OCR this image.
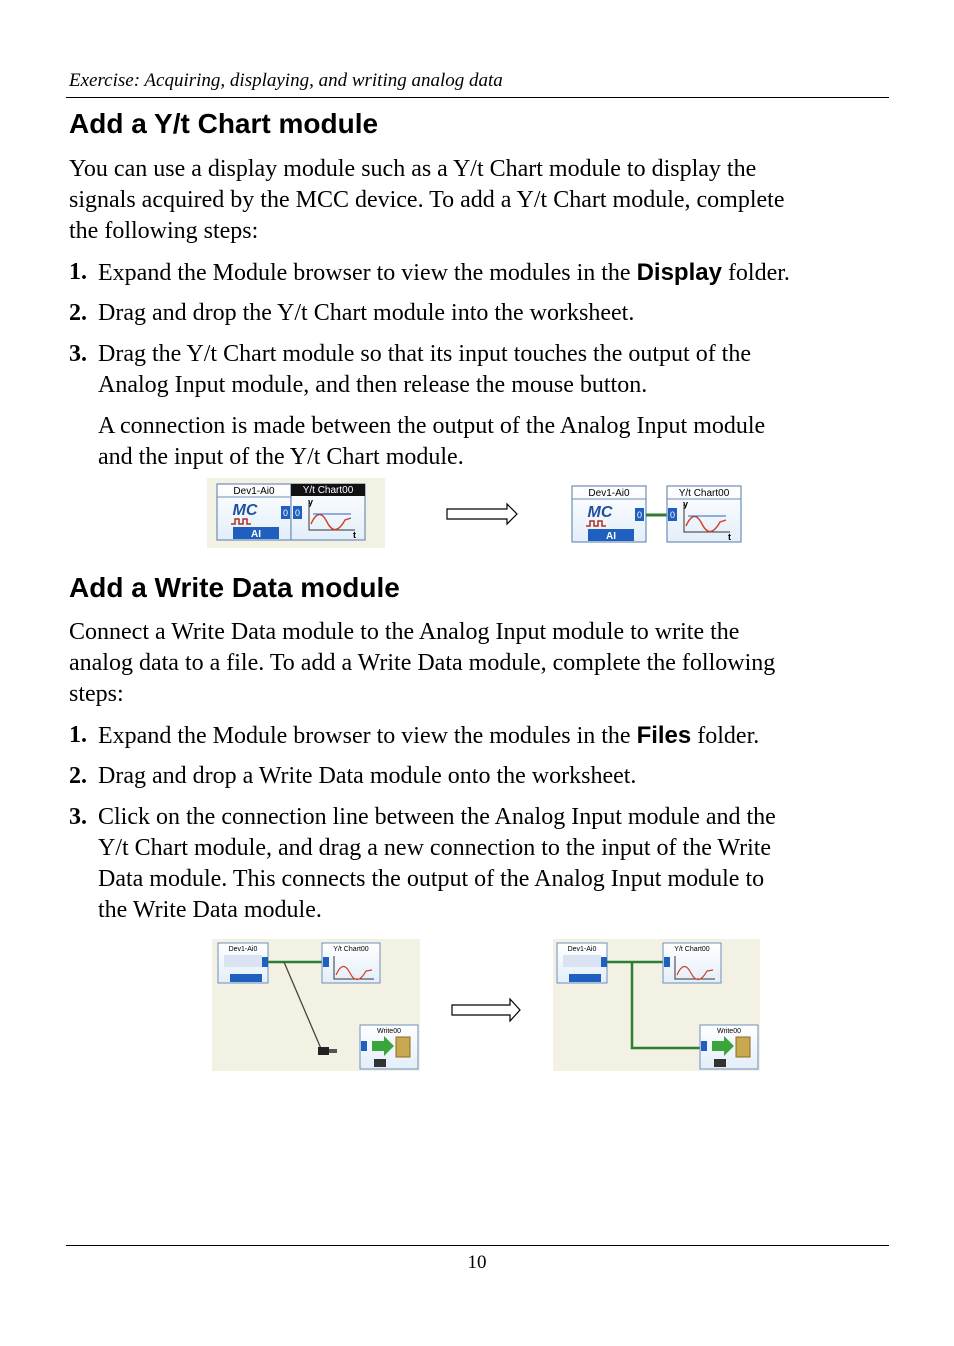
Exercise: Acquiring, displaying, and writing analog data
Add a Y/t Chart module

You can use a display module such as a Y/t Chart module to display the

signals acquired by the MCC device. To add a Y/t Chart module, complete

the following steps:

1. Expand the Module browser to view the modules in the Display folder.
2. Drag and drop the Y/t Chart module into the worksheet.
3. Drag the Y/t Chart module so that its input touches the output of the
Analog Input module, and then release the mouse button.

A connection is made between the output of the Analog Input module

and the input of the Y/t Chart module.

Dev1-Ai0
MC
AI
0
Y/t Chart00
0
y
t
Dev1-Ai0
MC
AI
0
Y/t Chart00
0
y
t
Add a Write Data module

Connect a Write Data module to the Analog Input module to write the

analog data to a file. To add a Write Data module, complete the following

steps:

1. Expand the Module browser to view the modules in the Files folder.
2. Drag and drop a Write Data module onto the worksheet.
3. Click on the connection line between the Analog Input module and the
Y/t Chart module, and drag a new connection to the input of the Write
Data module. This connects the output of the Analog Input module to
the Write Data module.
Dev1-Ai0	Y/t Chart00
Write00
Dev1-Ai0	Y/t Chart00
Write00
10
